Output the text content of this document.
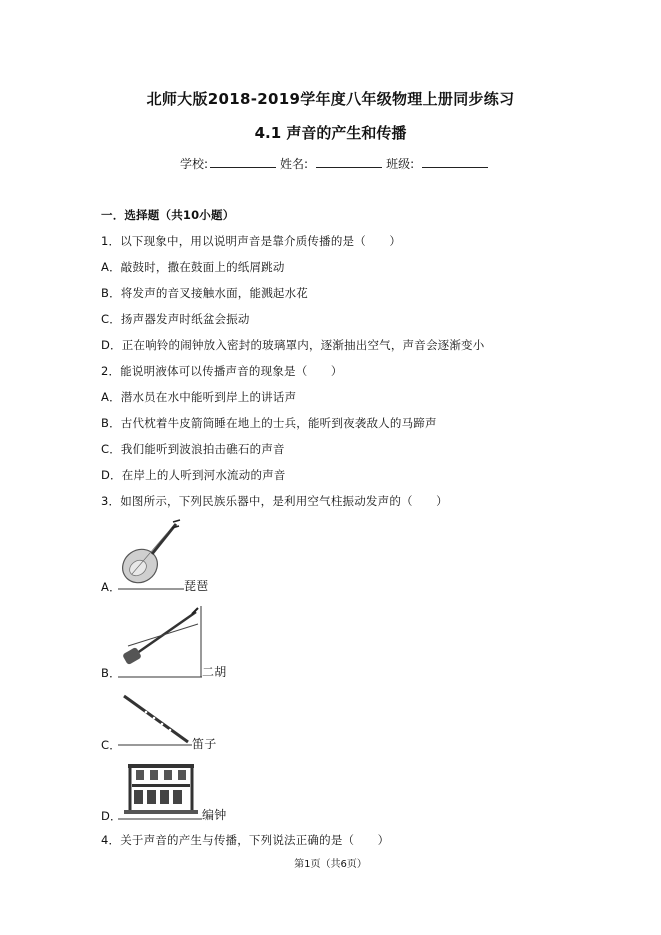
北师大版2018-2019学年度八年级物理上册同步练习
4.1 声音的产生和传播
学校:	姓名:	班级:
一．选择题（共10小题）
1．以下现象中，用以说明声音是靠介质传播的是（　　）
A．敲鼓时，撒在鼓面上的纸屑跳动
B．将发声的音叉接触水面，能溅起水花
C．扬声器发声时纸盆会振动
D．正在响铃的闹钟放入密封的玻璃罩内，逐渐抽出空气，声音会逐渐变小
2．能说明液体可以传播声音的现象是（　　）
A．潜水员在水中能听到岸上的讲话声
B．古代枕着牛皮箭筒睡在地上的士兵，能听到夜袭敌人的马蹄声
C．我们能听到波浪拍击礁石的声音
D．在岸上的人听到河水流动的声音
3．如图所示，下列民族乐器中，是利用空气柱振动发声的（　　）
A．	琵琶
B．	二胡
C．	笛子
D．	编钟
4．关于声音的产生与传播，下列说法正确的是（　　）
第1页（共6页）
